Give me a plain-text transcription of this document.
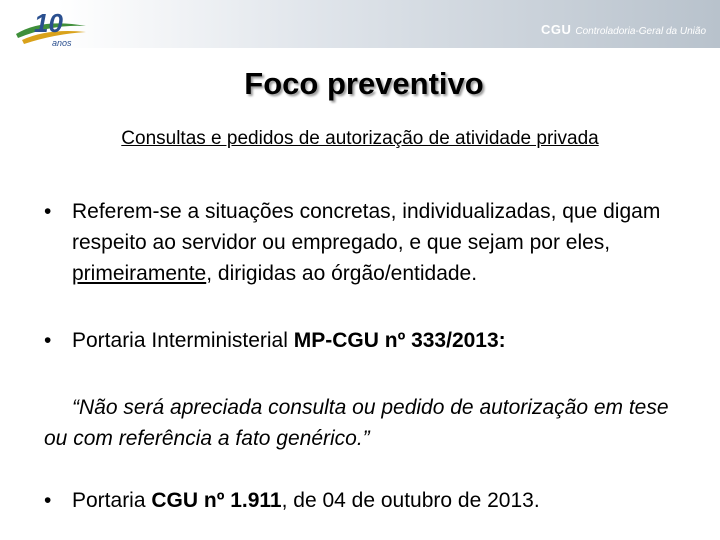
10
anos
CGU Controladoria-Geral da União
Foco preventivo
Consultas e pedidos de autorização de atividade privada
• Referem-se a situações concretas, individualizadas, que digam respeito ao servidor ou empregado, e que sejam por eles, primeiramente, dirigidas ao órgão/entidade.
• Portaria Interministerial MP-CGU nº 333/2013:
“Não será apreciada consulta ou pedido de autorização em tese ou com referência a fato genérico.”
• Portaria CGU nº 1.911, de 04 de outubro de 2013.
